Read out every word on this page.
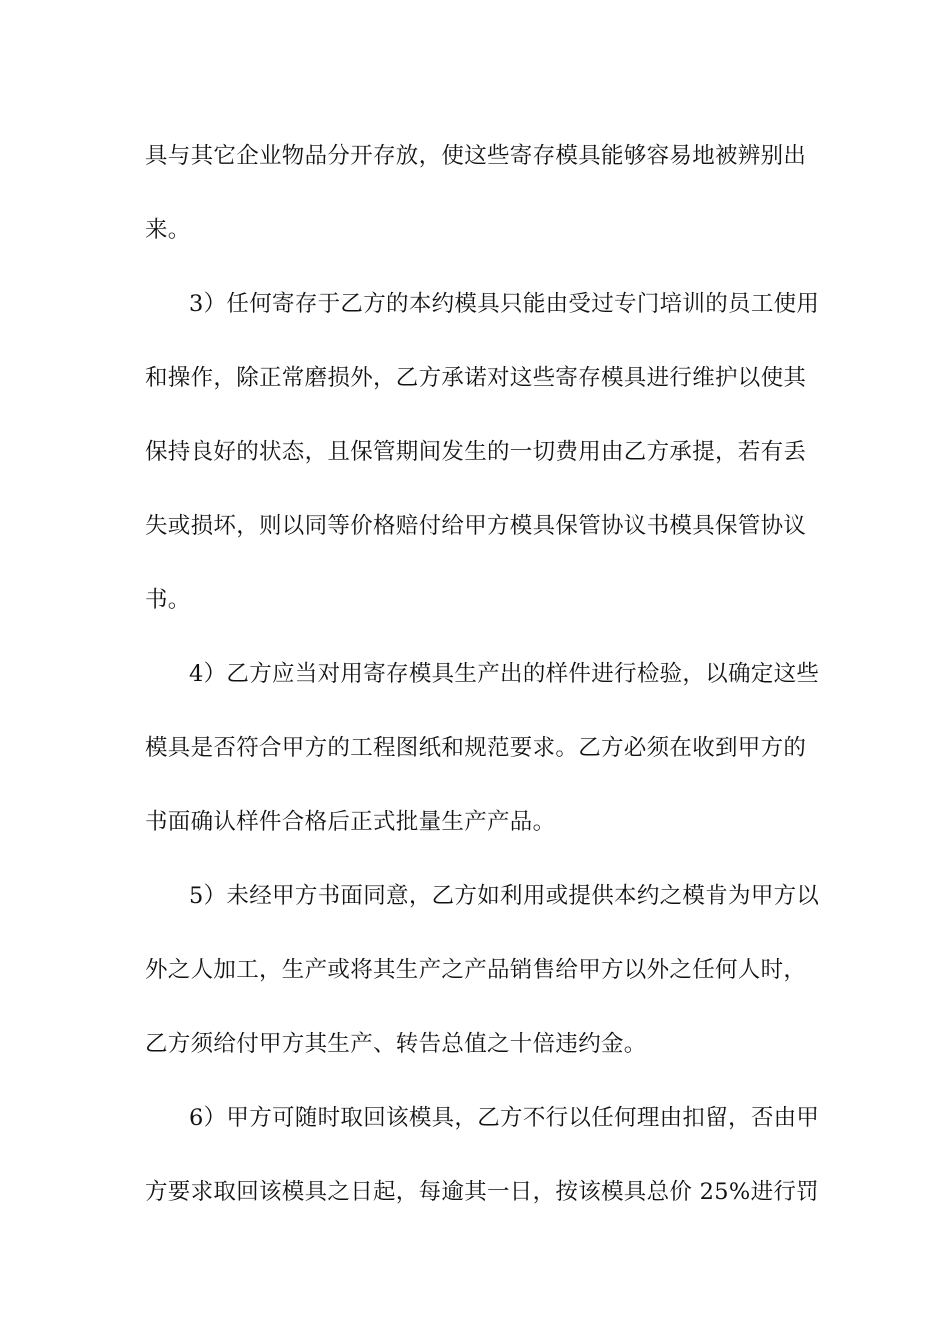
具与其它企业物品分开存放，使这些寄存模具能够容易地被辨别出
来。
3）任何寄存于乙方的本约模具只能由受过专门培训的员工使用
和操作，除正常磨损外，乙方承诺对这些寄存模具进行维护以使其
保持良好的状态，且保管期间发生的一切费用由乙方承提，若有丢
失或损坏，则以同等价格赔付给甲方模具保管协议书模具保管协议
书。
4）乙方应当对用寄存模具生产出的样件进行检验，以确定这些
模具是否符合甲方的工程图纸和规范要求。乙方必须在收到甲方的
书面确认样件合格后正式批量生产产品。
5）未经甲方书面同意，乙方如利用或提供本约之模肯为甲方以
外之人加工，生产或将其生产之产品销售给甲方以外之任何人时，
乙方须给付甲方其生产、转告总值之十倍违约金。
6）甲方可随时取回该模具，乙方不行以任何理由扣留，否由甲
方要求取回该模具之日起，每逾其一日，按该模具总价 25%进行罚
